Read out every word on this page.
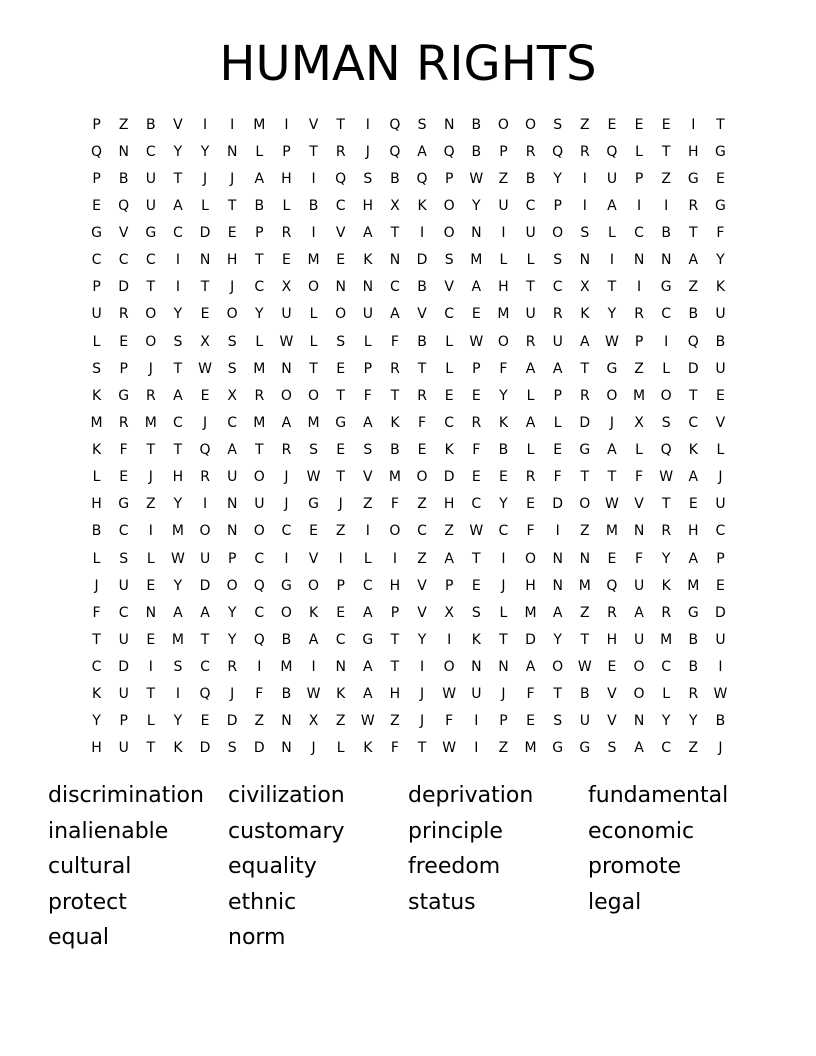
HUMAN RIGHTS
P	Z	B	V	I	I	M	I	V	T	I	Q	S	N	B	O	O	S	Z	E	E	E	I	T
Q	N	C	Y	Y	N	L	P	T	R	J	Q	A	Q	B	P	R	Q	R	Q	L	T	H	G
P	B	U	T	J	J	A	H	I	Q	S	B	Q	P	W	Z	B	Y	I	U	P	Z	G	E
E	Q	U	A	L	T	B	L	B	C	H	X	K	O	Y	U	C	P	I	A	I	I	R	G
G	V	G	C	D	E	P	R	I	V	A	T	I	O	N	I	U	O	S	L	C	B	T	F
C	C	C	I	N	H	T	E	M	E	K	N	D	S	M	L	L	S	N	I	N	N	A	Y
P	D	T	I	T	J	C	X	O	N	N	C	B	V	A	H	T	C	X	T	I	G	Z	K
U	R	O	Y	E	O	Y	U	L	O	U	A	V	C	E	M	U	R	K	Y	R	C	B	U
L	E	O	S	X	S	L	W	L	S	L	F	B	L	W	O	R	U	A	W	P	I	Q	B
S	P	J	T	W	S	M	N	T	E	P	R	T	L	P	F	A	A	T	G	Z	L	D	U
K	G	R	A	E	X	R	O	O	T	F	T	R	E	E	Y	L	P	R	O	M	O	T	E
M	R	M	C	J	C	M	A	M	G	A	K	F	C	R	K	A	L	D	J	X	S	C	V
K	F	T	T	Q	A	T	R	S	E	S	B	E	K	F	B	L	E	G	A	L	Q	K	L
L	E	J	H	R	U	O	J	W	T	V	M	O	D	E	E	R	F	T	T	F	W	A	J
H	G	Z	Y	I	N	U	J	G	J	Z	F	Z	H	C	Y	E	D	O	W	V	T	E	U
B	C	I	M	O	N	O	C	E	Z	I	O	C	Z	W	C	F	I	Z	M	N	R	H	C
L	S	L	W	U	P	C	I	V	I	L	I	Z	A	T	I	O	N	N	E	F	Y	A	P
J	U	E	Y	D	O	Q	G	O	P	C	H	V	P	E	J	H	N	M	Q	U	K	M	E
F	C	N	A	A	Y	C	O	K	E	A	P	V	X	S	L	M	A	Z	R	A	R	G	D
T	U	E	M	T	Y	Q	B	A	C	G	T	Y	I	K	T	D	Y	T	H	U	M	B	U
C	D	I	S	C	R	I	M	I	N	A	T	I	O	N	N	A	O	W	E	O	C	B	I
K	U	T	I	Q	J	F	B	W	K	A	H	J	W	U	J	F	T	B	V	O	L	R	W
Y	P	L	Y	E	D	Z	N	X	Z	W	Z	J	F	I	P	E	S	U	V	N	Y	Y	B
H	U	T	K	D	S	D	N	J	L	K	F	T	W	I	Z	M	G	G	S	A	C	Z	J
discrimination	civilization	deprivation	fundamental
inalienable	customary	principle	economic
cultural	equality	freedom	promote
protect	ethnic	status	legal
equal	norm
